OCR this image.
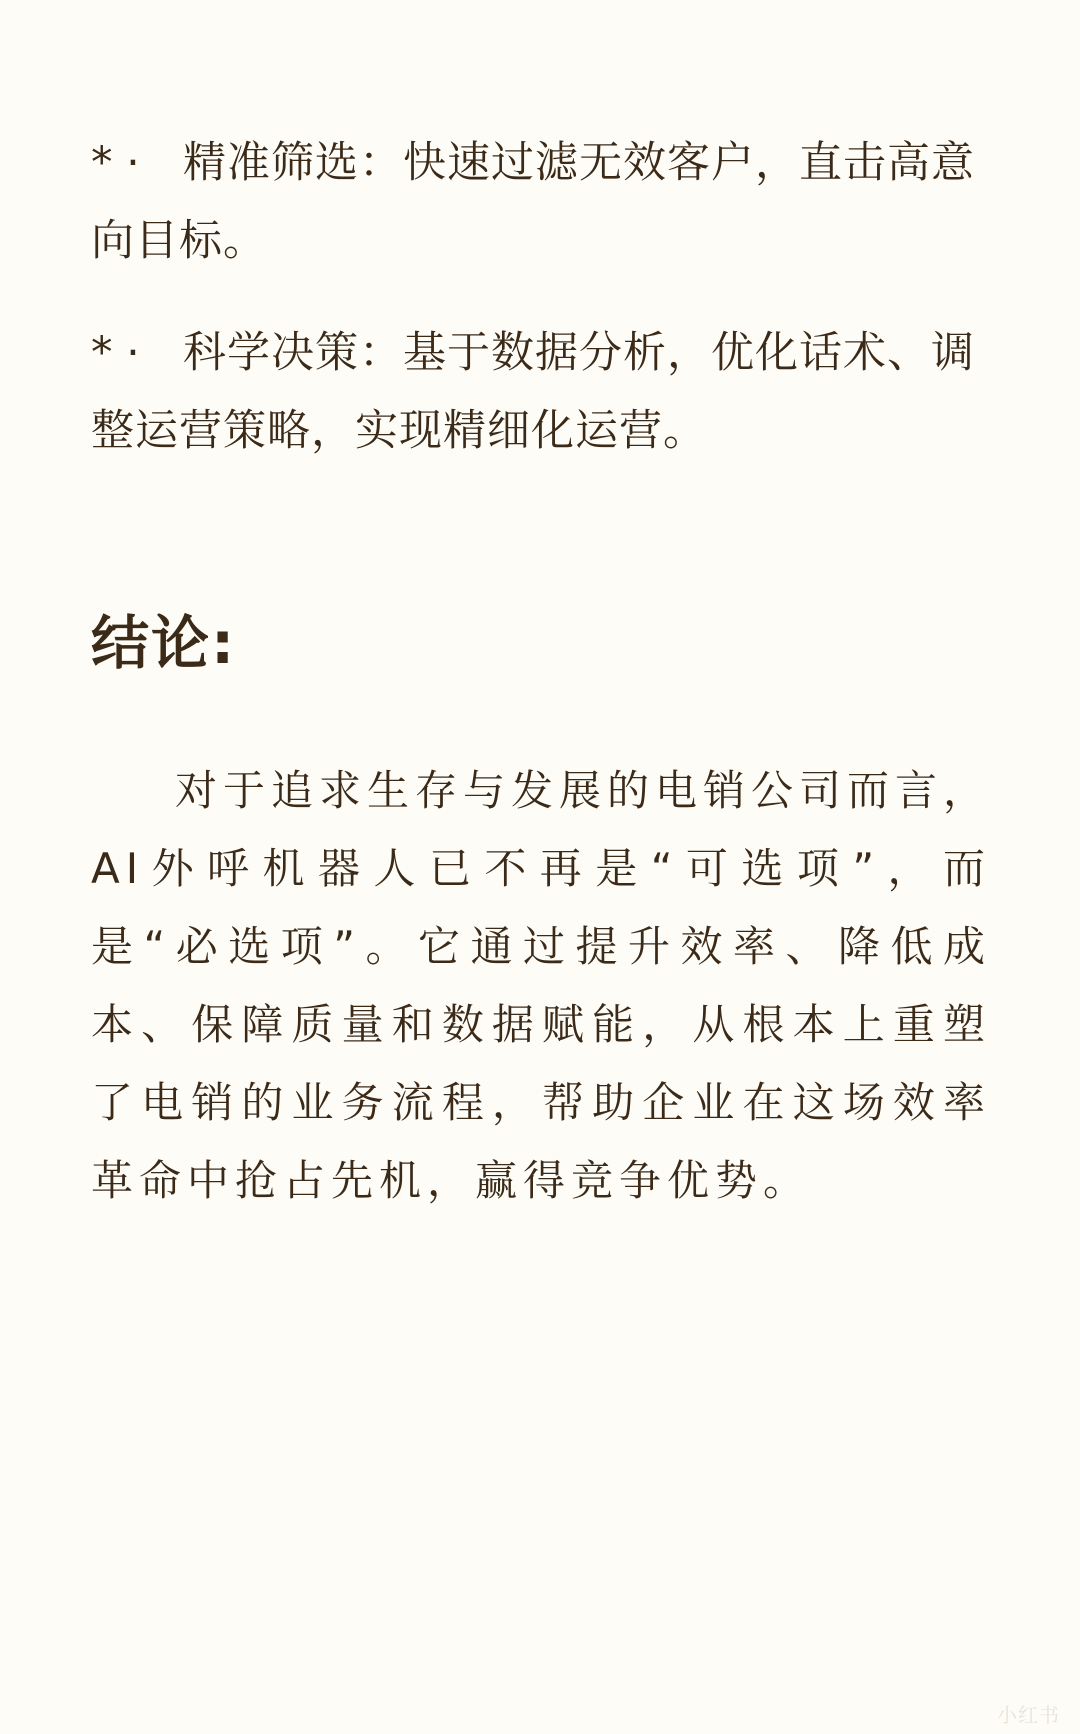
* · 精准筛选：快速过滤无效客户，直击高意向目标。
* · 科学决策：基于数据分析，优化话术、调整运营策略，实现精细化运营。
结论:
对于追求生存与发展的电销公司而言，AI外呼机器人已不再是“可选项”，而是“必选项”。它通过提升效率、降低成本、保障质量和数据赋能，从根本上重塑了电销的业务流程，帮助企业在这场效率革命中抢占先机，赢得竞争优势。
小红书
